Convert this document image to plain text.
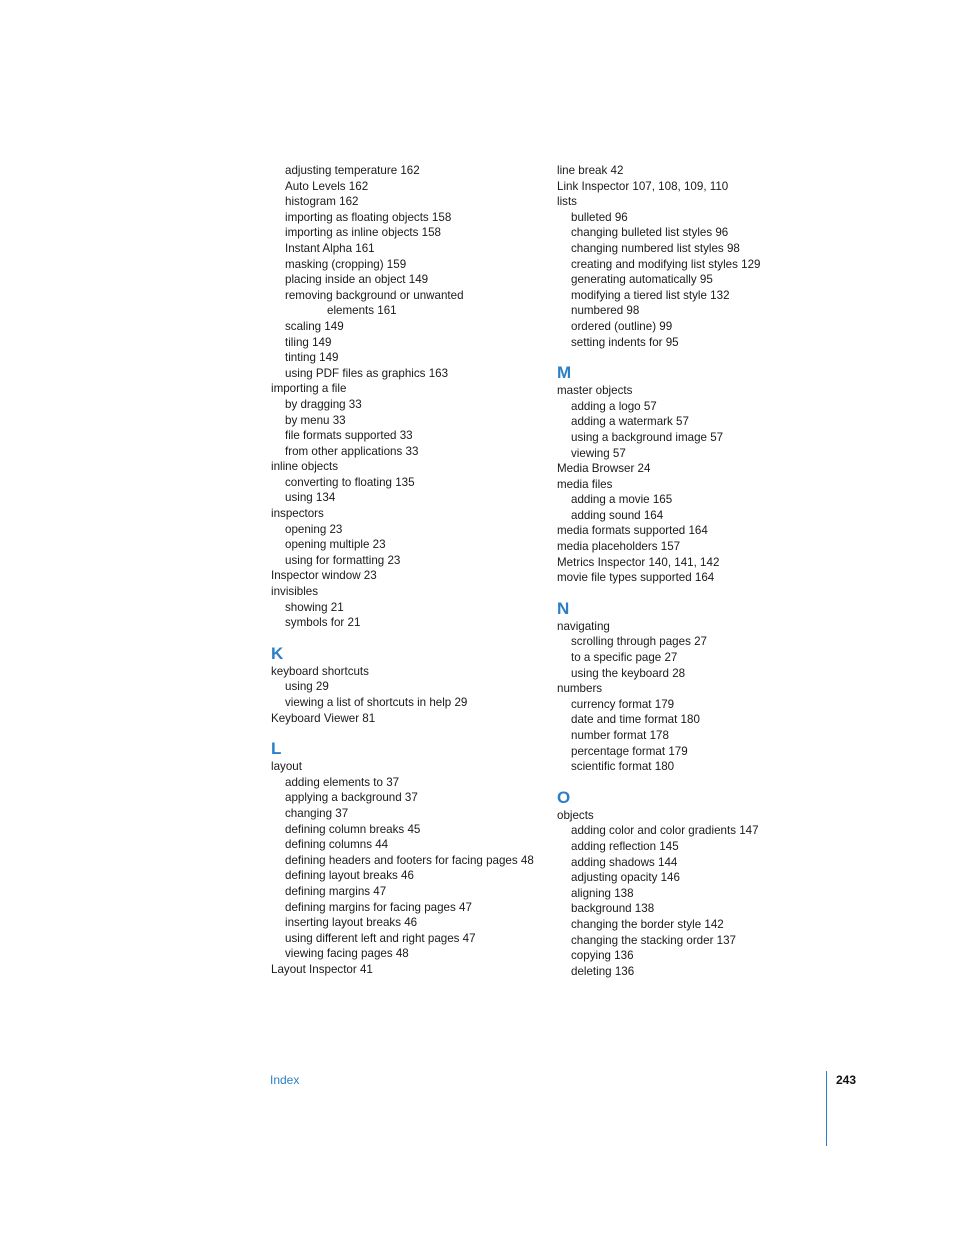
adjusting temperature 162
Auto Levels 162
histogram 162
importing as floating objects 158
importing as inline objects 158
Instant Alpha 161
masking (cropping) 159
placing inside an object 149
removing background or unwanted
elements 161
scaling 149
tiling 149
tinting 149
using PDF files as graphics 163
importing a file
by dragging 33
by menu 33
file formats supported 33
from other applications 33
inline objects
converting to floating 135
using 134
inspectors
opening 23
opening multiple 23
using for formatting 23
Inspector window 23
invisibles
showing 21
symbols for 21
K
keyboard shortcuts
using 29
viewing a list of shortcuts in help 29
Keyboard Viewer 81
L
layout
adding elements to 37
applying a background 37
changing 37
defining column breaks 45
defining columns 44
defining headers and footers for facing pages 48
defining layout breaks 46
defining margins 47
defining margins for facing pages 47
inserting layout breaks 46
using different left and right pages 47
viewing facing pages 48
Layout Inspector 41
line break 42
Link Inspector 107, 108, 109, 110
lists
bulleted 96
changing bulleted list styles 96
changing numbered list styles 98
creating and modifying list styles 129
generating automatically 95
modifying a tiered list style 132
numbered 98
ordered (outline) 99
setting indents for 95
M
master objects
adding a logo 57
adding a watermark 57
using a background image 57
viewing 57
Media Browser 24
media files
adding a movie 165
adding sound 164
media formats supported 164
media placeholders 157
Metrics Inspector 140, 141, 142
movie file types supported 164
N
navigating
scrolling through pages 27
to a specific page 27
using the keyboard 28
numbers
currency format 179
date and time format 180
number format 178
percentage format 179
scientific format 180
O
objects
adding color and color gradients 147
adding reflection 145
adding shadows 144
adjusting opacity 146
aligning 138
background 138
changing the border style 142
changing the stacking order 137
copying 136
deleting 136
Index	243
